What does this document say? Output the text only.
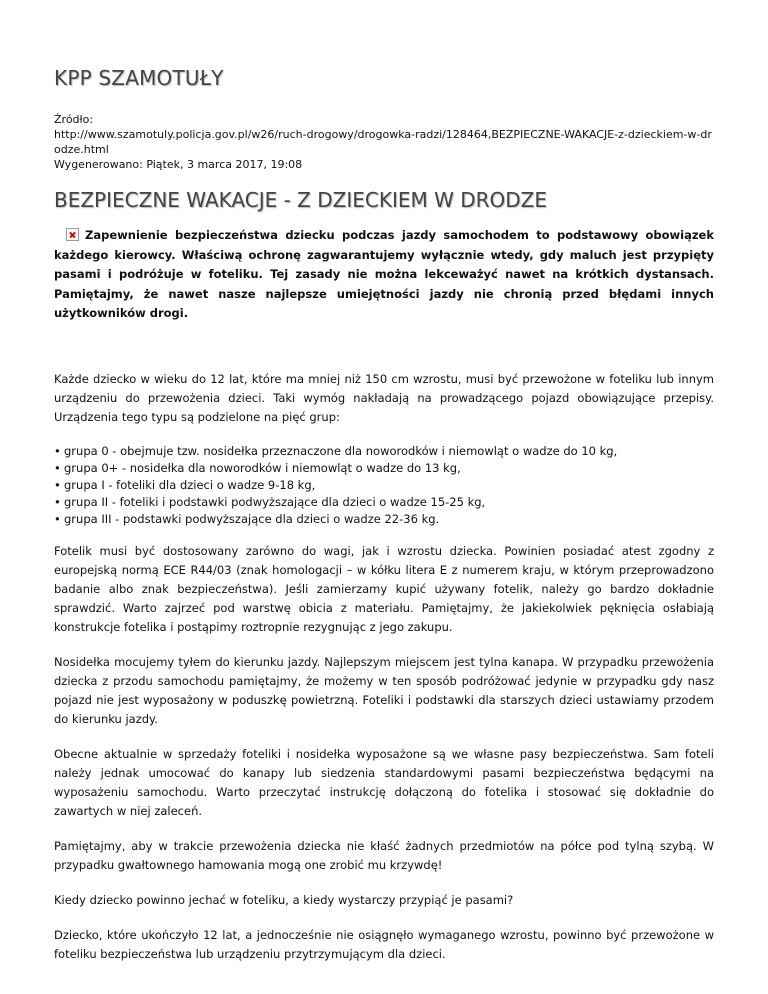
KPP SZAMOTUŁY
Źródło:
http://www.szamotuly.policja.gov.pl/w26/ruch-drogowy/drogowka-radzi/128464,BEZPIECZNE-WAKACJE-z-dzieckiem-w-drodze.html
Wygenerowano: Piątek, 3 marca 2017, 19:08
BEZPIECZNE WAKACJE - Z DZIECKIEM W DRODZE

Zapewnienie bezpieczeństwa dziecku podczas jazdy samochodem to podstawowy obowiązek każdego kierowcy. Właściwą ochronę zagwarantujemy wyłącznie wtedy, gdy maluch jest przypięty pasami i podróżuje w foteliku. Tej zasady nie można lekceważyć nawet na krótkich dystansach. Pamiętajmy, że nawet nasze najlepsze umiejętności jazdy nie chronią przed błędami innych użytkowników drogi.

Każde dziecko w wieku do 12 lat, które ma mniej niż 150 cm wzrostu, musi być przewożone w foteliku lub innym urządzeniu do przewożenia dzieci. Taki wymóg nakładają na prowadzącego pojazd obowiązujące przepisy. Urządzenia tego typu są podzielone na pięć grup:

• grupa 0 - obejmuje tzw. nosidełka przeznaczone dla noworodków i niemowląt o wadze do 10 kg,
• grupa 0+ - nosidełka dla noworodków i niemowląt o wadze do 13 kg,
• grupa I - foteliki dla dzieci o wadze 9-18 kg,
• grupa II - foteliki i podstawki podwyższające dla dzieci o wadze 15-25 kg,
• grupa III - podstawki podwyższające dla dzieci o wadze 22-36 kg.

Fotelik musi być dostosowany zarówno do wagi, jak i wzrostu dziecka. Powinien posiadać atest zgodny z europejską normą ECE R44/03 (znak homologacji – w kółku litera E z numerem kraju, w którym przeprowadzono badanie albo znak bezpieczeństwa). Jeśli zamierzamy kupić używany fotelik, należy go bardzo dokładnie sprawdzić. Warto zajrzeć pod warstwę obicia z materiału. Pamiętajmy, że jakiekolwiek pęknięcia osłabiają konstrukcje fotelika i postąpimy roztropnie rezygnując z jego zakupu.

Nosidełka mocujemy tyłem do kierunku jazdy. Najlepszym miejscem jest tylna kanapa. W przypadku przewożenia dziecka z przodu samochodu pamiętajmy, że możemy w ten sposób podróżować jedynie w przypadku gdy nasz pojazd nie jest wyposażony w poduszkę powietrzną. Foteliki i podstawki dla starszych dzieci ustawiamy przodem do kierunku jazdy.

Obecne aktualnie w sprzedaży foteliki i nosidełka wyposażone są we własne pasy bezpieczeństwa. Sam foteli należy jednak umocować do kanapy lub siedzenia standardowymi pasami bezpieczeństwa będącymi na wyposażeniu samochodu. Warto przeczytać instrukcję dołączoną do fotelika i stosować się dokładnie do zawartych w niej zaleceń.

Pamiętajmy, aby w trakcie przewożenia dziecka nie kłaść żadnych przedmiotów na półce pod tylną szybą. W przypadku gwałtownego hamowania mogą one zrobić mu krzywdę!

Kiedy dziecko powinno jechać w foteliku, a kiedy wystarczy przypiąć je pasami?

Dziecko, które ukończyło 12 lat, a jednocześnie nie osiągnęło wymaganego wzrostu, powinno być przewożone w foteliku bezpieczeństwa lub urządzeniu przytrzymującym dla dzieci.
